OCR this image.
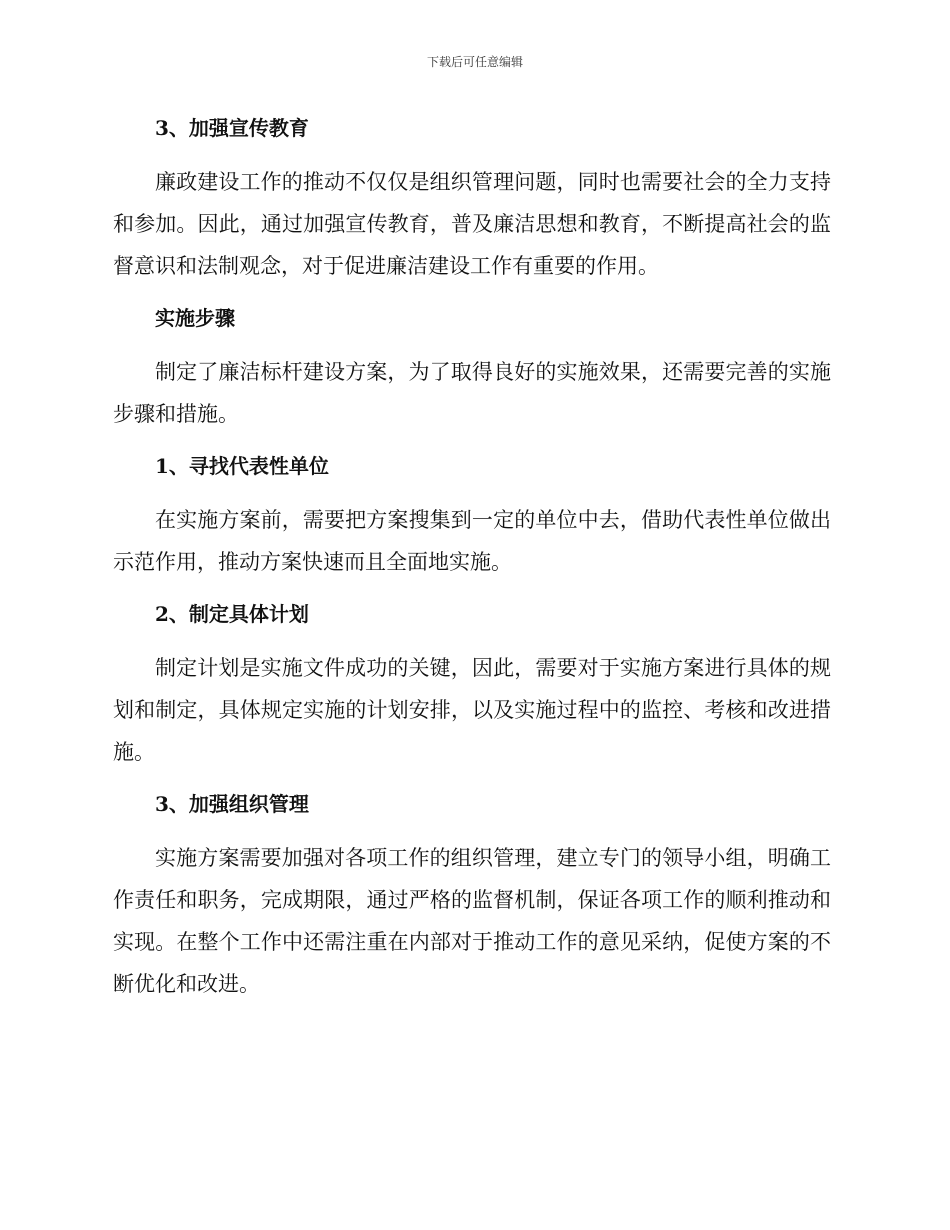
下载后可任意编辑
3、加强宣传教育

廉政建设工作的推动不仅仅是组织管理问题，同时也需要社会的全力支持和参加。因此，通过加强宣传教育，普及廉洁思想和教育，不断提高社会的监督意识和法制观念，对于促进廉洁建设工作有重要的作用。

实施步骤

制定了廉洁标杆建设方案，为了取得良好的实施效果，还需要完善的实施步骤和措施。

1、寻找代表性单位

在实施方案前，需要把方案搜集到一定的单位中去，借助代表性单位做出示范作用，推动方案快速而且全面地实施。

2、制定具体计划

制定计划是实施文件成功的关键，因此，需要对于实施方案进行具体的规划和制定，具体规定实施的计划安排，以及实施过程中的监控、考核和改进措施。

3、加强组织管理

实施方案需要加强对各项工作的组织管理，建立专门的领导小组，明确工作责任和职务，完成期限，通过严格的监督机制，保证各项工作的顺利推动和实现。在整个工作中还需注重在内部对于推动工作的意见采纳，促使方案的不断优化和改进。
